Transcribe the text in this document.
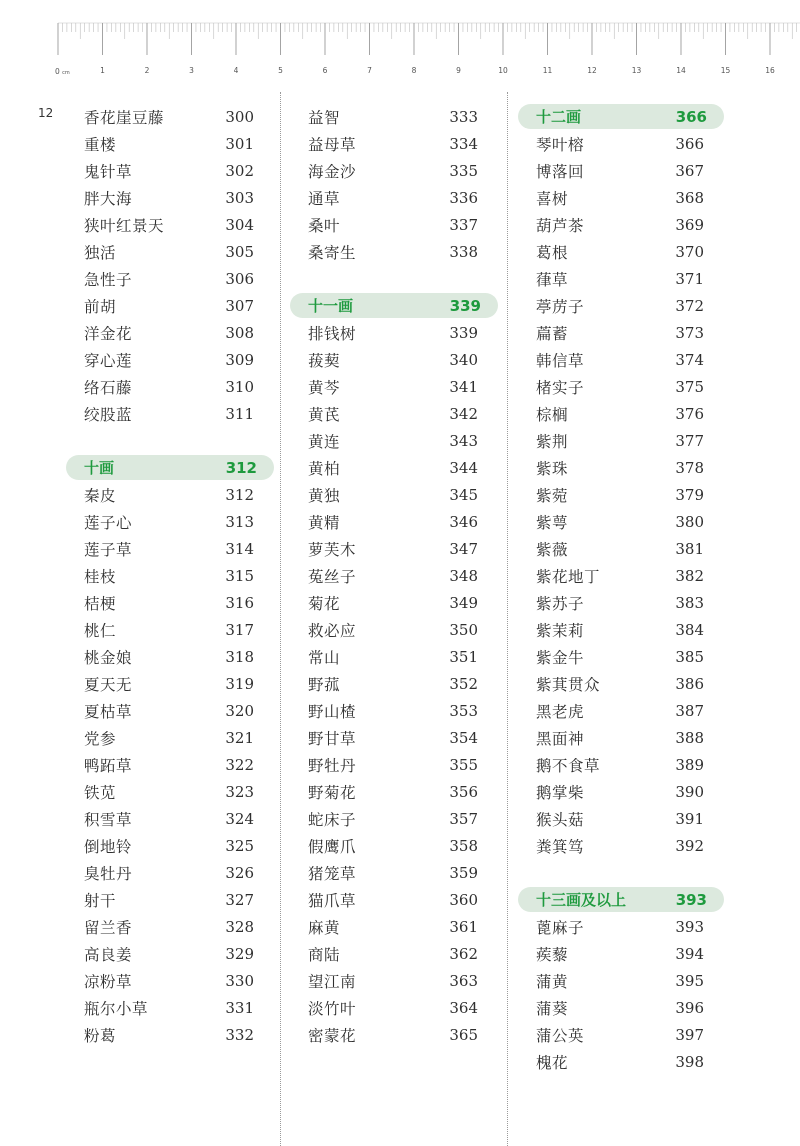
0 cm	1	2	3	4	5	6	7	8	9	10	11	12	13	14	15	16
12	香花崖豆藤	300
重楼	301
鬼针草	302
胖大海	303
狭叶红景天	304
独活	305
急性子	306
前胡	307
洋金花	308
穿心莲	309
络石藤	310
绞股蓝	311
十画	312
秦皮	312
莲子心	313
莲子草	314
桂枝	315
桔梗	316
桃仁	317
桃金娘	318
夏天无	319
夏枯草	320
党参	321
鸭跖草	322
铁苋	323
积雪草	324
倒地铃	325
臭牡丹	326
射干	327
留兰香	328
高良姜	329
凉粉草	330
瓶尔小草	331
粉葛	332
益智	333
益母草	334
海金沙	335
通草	336
桑叶	337
桑寄生	338
十一画	339
排钱树	339
菝葜	340
黄芩	341
黄芪	342
黄连	343
黄柏	344
黄独	345
黄精	346
萝芙木	347
菟丝子	348
菊花	349
救必应	350
常山	351
野菰	352
野山楂	353
野甘草	354
野牡丹	355
野菊花	356
蛇床子	357
假鹰爪	358
猪笼草	359
猫爪草	360
麻黄	361
商陆	362
望江南	363
淡竹叶	364
密蒙花	365
十二画	366
琴叶榕	366
博落回	367
喜树	368
葫芦茶	369
葛根	370
葎草	371
葶苈子	372
萹蓄	373
韩信草	374
楮实子	375
棕榈	376
紫荆	377
紫珠	378
紫菀	379
紫萼	380
紫薇	381
紫花地丁	382
紫苏子	383
紫茉莉	384
紫金牛	385
紫萁贯众	386
黑老虎	387
黑面神	388
鹅不食草	389
鹅掌柴	390
猴头菇	391
粪箕笃	392
十三画及以上	393
蓖麻子	393
蒺藜	394
蒲黄	395
蒲葵	396
蒲公英	397
槐花	398
